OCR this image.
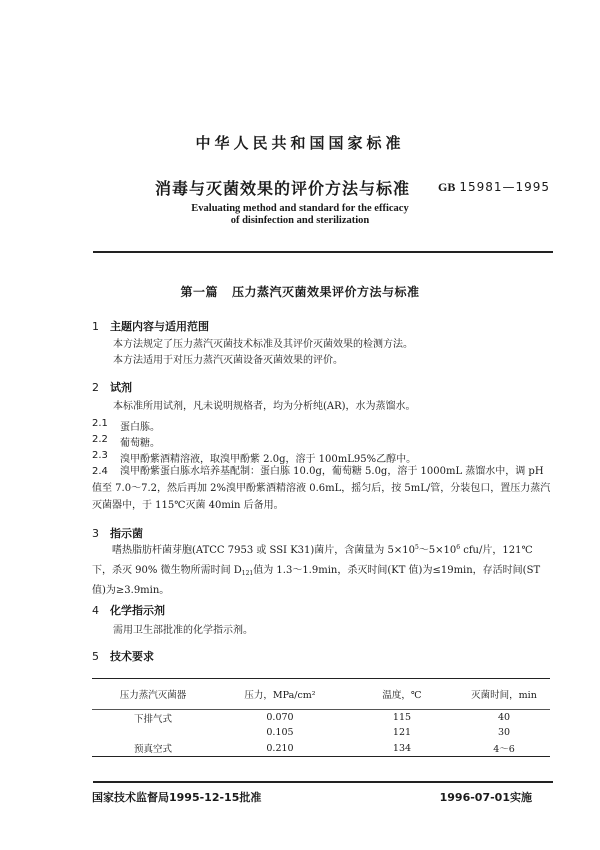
中华人民共和国国家标准
消毒与灭菌效果的评价方法与标准 GB 15981—1995
Evaluating method and standard for the efficacy
of disinfection and sterilization
第一篇 压力蒸汽灭菌效果评价方法与标准
1 主题内容与适用范围
本方法规定了压力蒸汽灭菌技术标准及其评价灭菌效果的检测方法。
本方法适用于对压力蒸汽灭菌设备灭菌效果的评价。
2 试剂
本标准所用试剂，凡未说明规格者，均为分析纯(AR)，水为蒸馏水。
2.1 蛋白胨。
2.2 葡萄糖。
2.3 溴甲酚紫酒精溶液，取溴甲酚紫 2.0g，溶于 100mL95%乙醇中。
2.4	溴甲酚紫蛋白胨水培养基配制：蛋白胨 10.0g，葡萄糖 5.0g，溶于 1000mL 蒸馏水中，调 pH 值至 7.0～7.2，然后再加 2%溴甲酚紫酒精溶液 0.6mL，摇匀后，按 5mL/管，分装包口，置压力蒸汽灭菌器中，于 115℃灭菌 40min 后备用。
3 指示菌
嗜热脂肪杆菌芽胞(ATCC 7953 或 SSI K31)菌片，含菌量为 $5\times 10^5\sim 5\times 10^6$ cfu/片，121℃下，杀灭 90% 微生物所需时间 $D_{121}$值为 1.3～1.9min，杀灭时间(KT 值)为≤19min，存活时间(ST 值)为≥3.9min。
4 化学指示剂
需用卫生部批准的化学指示剂。
5 技术要求
压力蒸汽灭菌器	压力，MPa/cm²	温度，℃	灭菌时间，min
下排气式	0.070	115	40
	0.105	121	30
预真空式	0.210	134	4～6
国家技术监督局1995-12-15批准	1996-07-01实施
